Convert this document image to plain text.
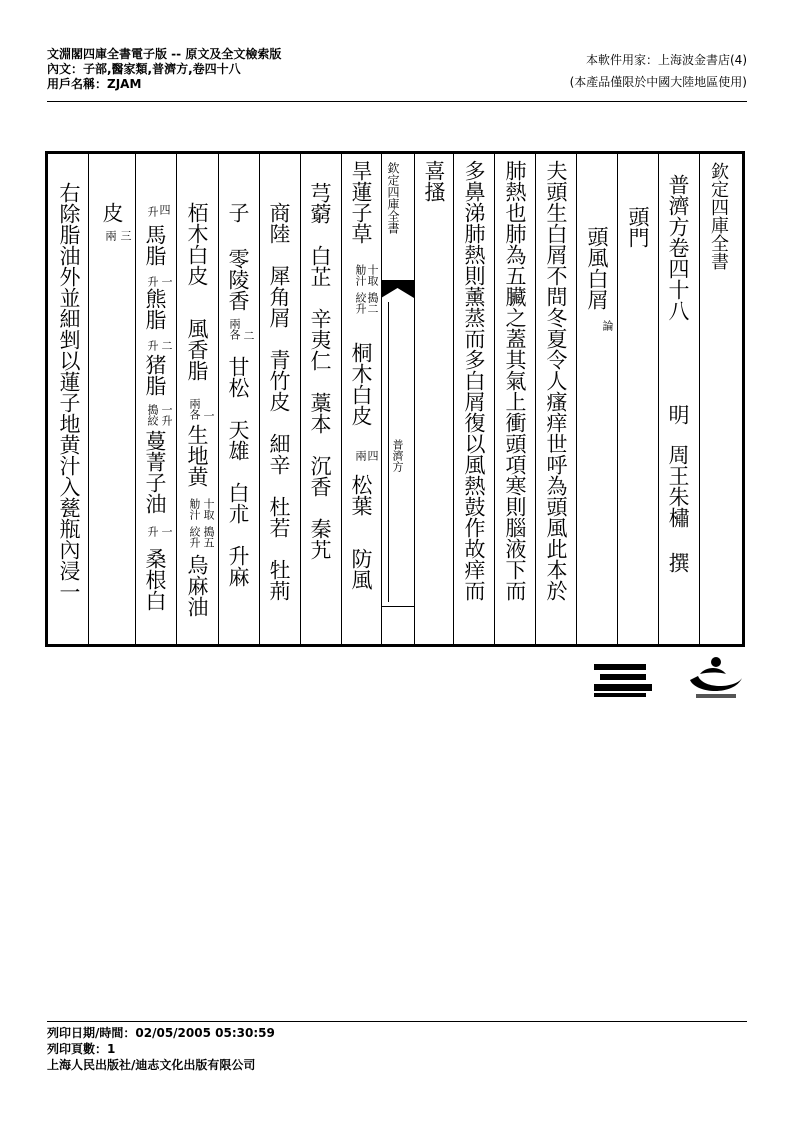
文淵閣四庫全書電子版 -- 原文及全文檢索版
內文：子部,醫家類,普濟方,卷四十八
用戶名稱：ZJAM
本軟件用家：上海波金書店(4)
(本產品僅限於中國大陸地區使用)
欽定四庫全書
普濟方卷四十八
明
周王朱橚
撰
頭門
頭風白屑
論
夫頭生白屑不問冬夏令人瘙痒世呼為頭風此本於
肺熱也肺為五臟之蓋其氣上衝頭項寒則腦液下而
多鼻涕肺熱則薰蒸而多白屑復以風熱鼓作故痒而
喜搔
欽定四庫全書
普濟方
旱蓮子草
十取
觔汁
搗二
絞升
桐木白皮
四
兩
松葉
防風
芎藭　白芷　辛夷仁　藁本　沉香　秦艽
商陸　犀角屑　青竹皮　細辛　杜若　牡荊
子
零陵香
二
兩各
甘松　天雄　白朮　升麻
栢木白皮
風香脂
一
兩各
生地黄
十取
觔汁
搗五
絞升
烏麻油
四
升
馬脂
一
升
熊脂
二
升
猪脂
一升
搗絞
蔓菁子油
一
升
桑根白
皮
三
兩
右除脂油外並細剉以蓮子地黄汁入甆瓶內浸一
列印日期/時間：02/05/2005 05:30:59
列印頁數：1
上海人民出版社/迪志文化出版有限公司
